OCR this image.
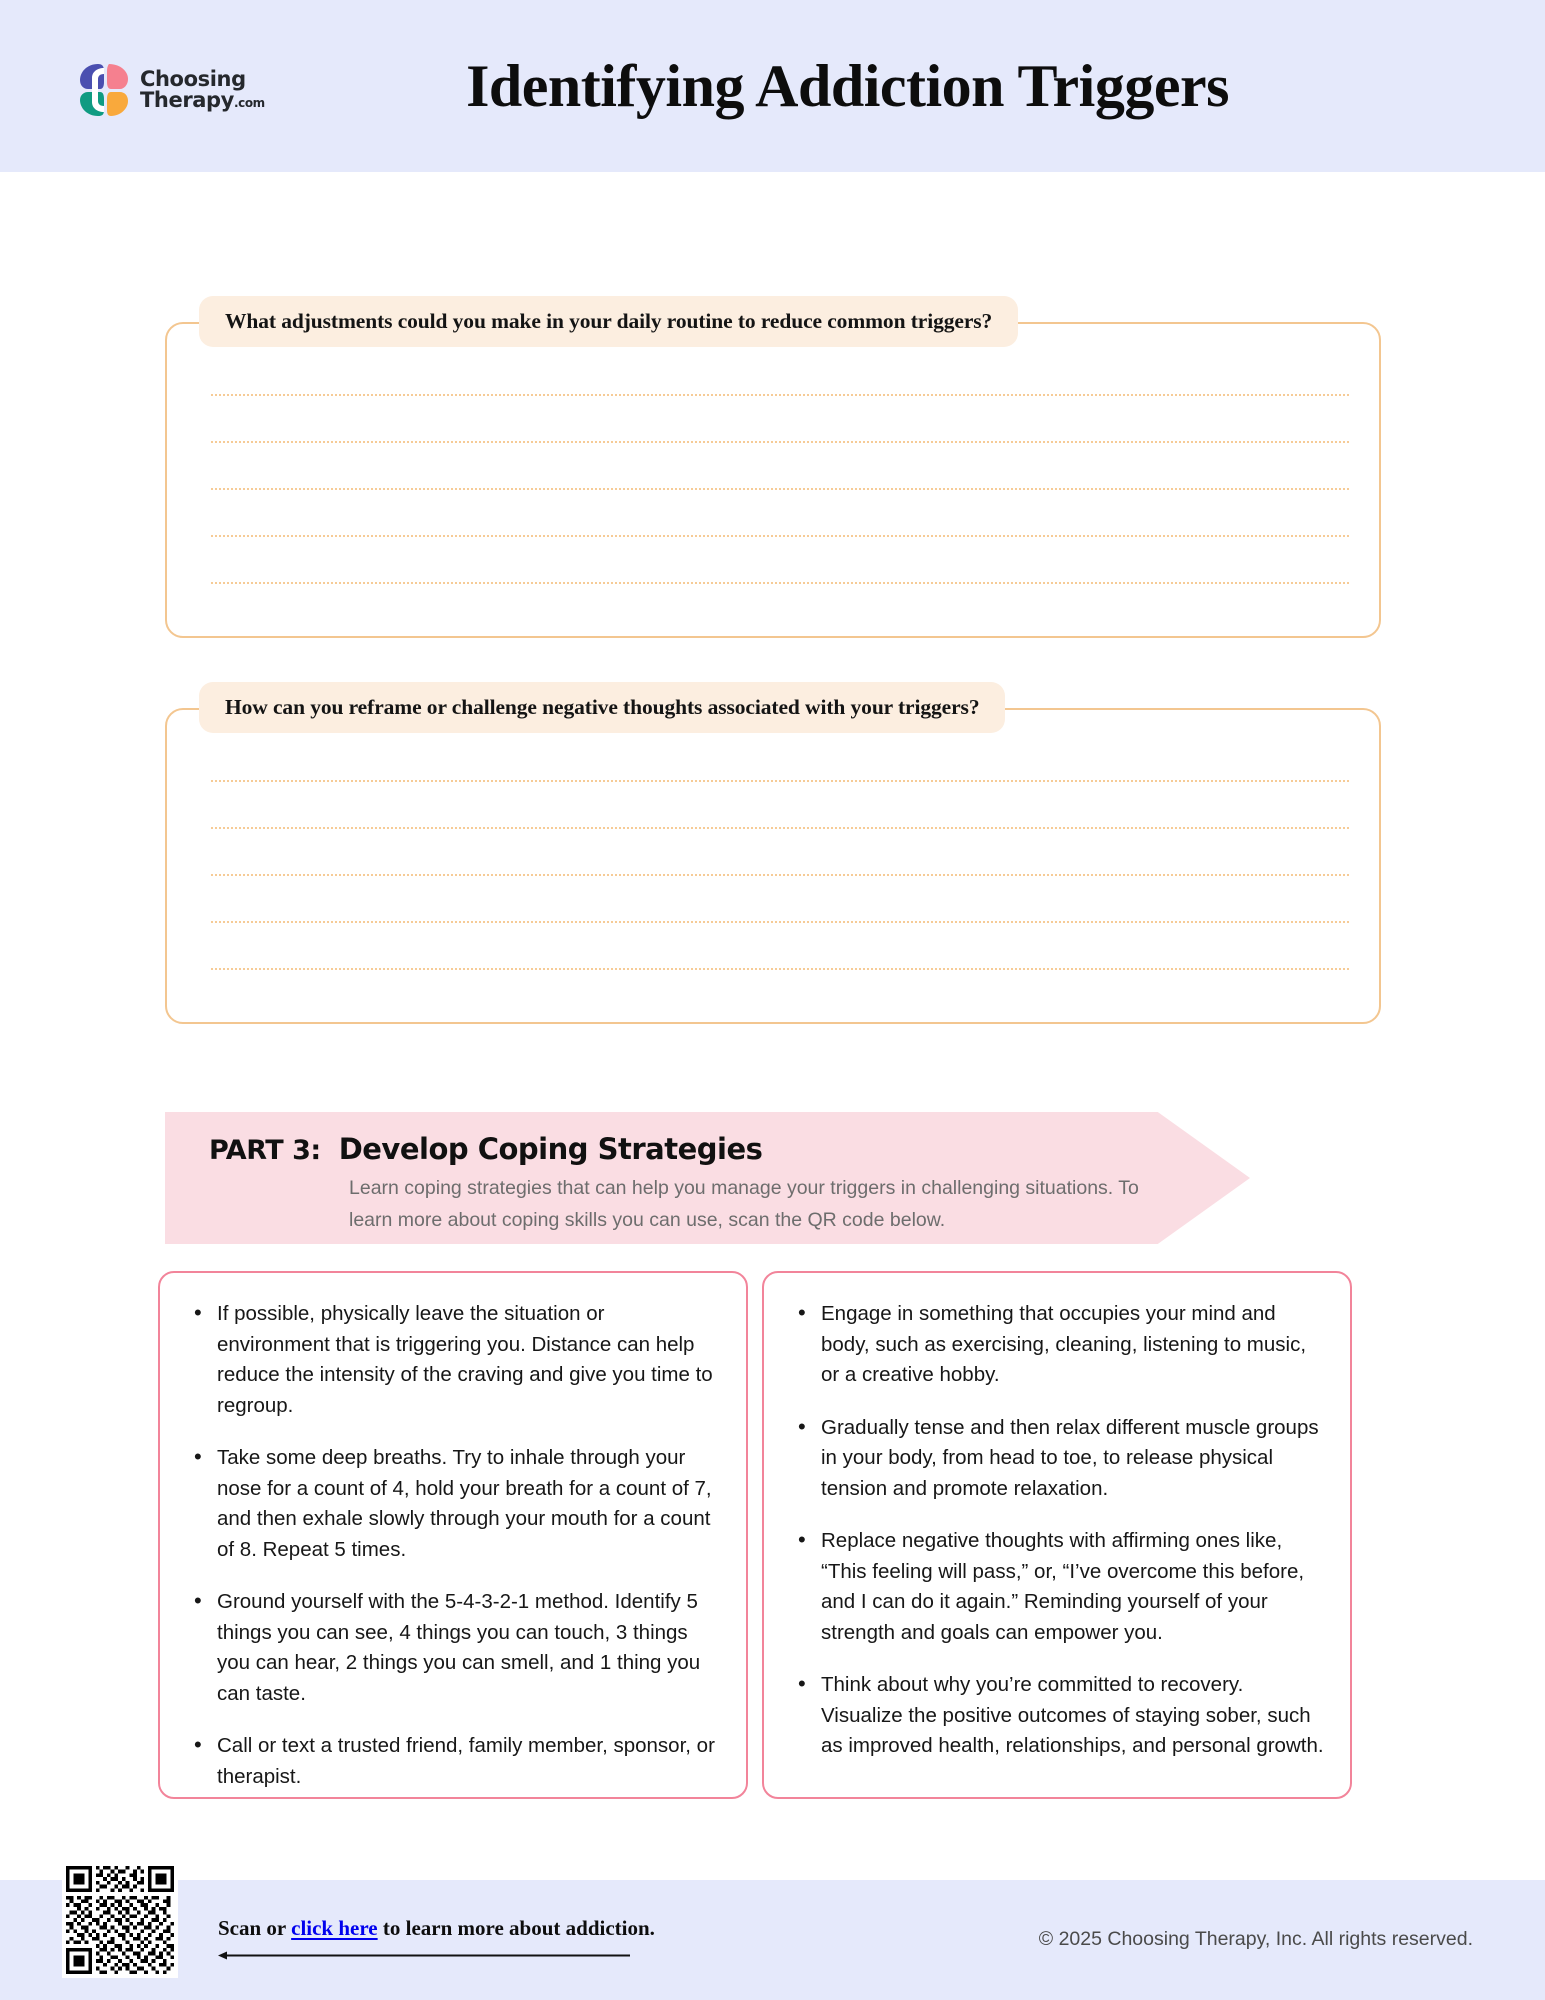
Choosing
Therapy.com	Identifying Addiction Triggers
What adjustments could you make in your daily routine to reduce common triggers?
How can you reframe or challenge negative thoughts associated with your triggers?
PART 3: Develop Coping Strategies
Learn coping strategies that can help you manage your triggers in challenging situations. To learn more about coping skills you can use, scan the QR code below.
• If possible, physically leave the situation or environment that is triggering you. Distance can help reduce the intensity of the craving and give you time to regroup.
• Take some deep breaths. Try to inhale through your nose for a count of 4, hold your breath for a count of 7, and then exhale slowly through your mouth for a count of 8. Repeat 5 times.
• Ground yourself with the 5-4-3-2-1 method. Identify 5 things you can see, 4 things you can touch, 3 things you can hear, 2 things you can smell, and 1 thing you can taste.
• Call or text a trusted friend, family member, sponsor, or therapist.
• Engage in something that occupies your mind and body, such as exercising, cleaning, listening to music, or a creative hobby.
• Gradually tense and then relax different muscle groups in your body, from head to toe, to release physical tension and promote relaxation.
• Replace negative thoughts with affirming ones like, “This feeling will pass,” or, “I’ve overcome this before, and I can do it again.” Reminding yourself of your strength and goals can empower you.
• Think about why you’re committed to recovery. Visualize the positive outcomes of staying sober, such as improved health, relationships, and personal growth.
Scan or click here to learn more about addiction.	© 2025 Choosing Therapy, Inc. All rights reserved.
